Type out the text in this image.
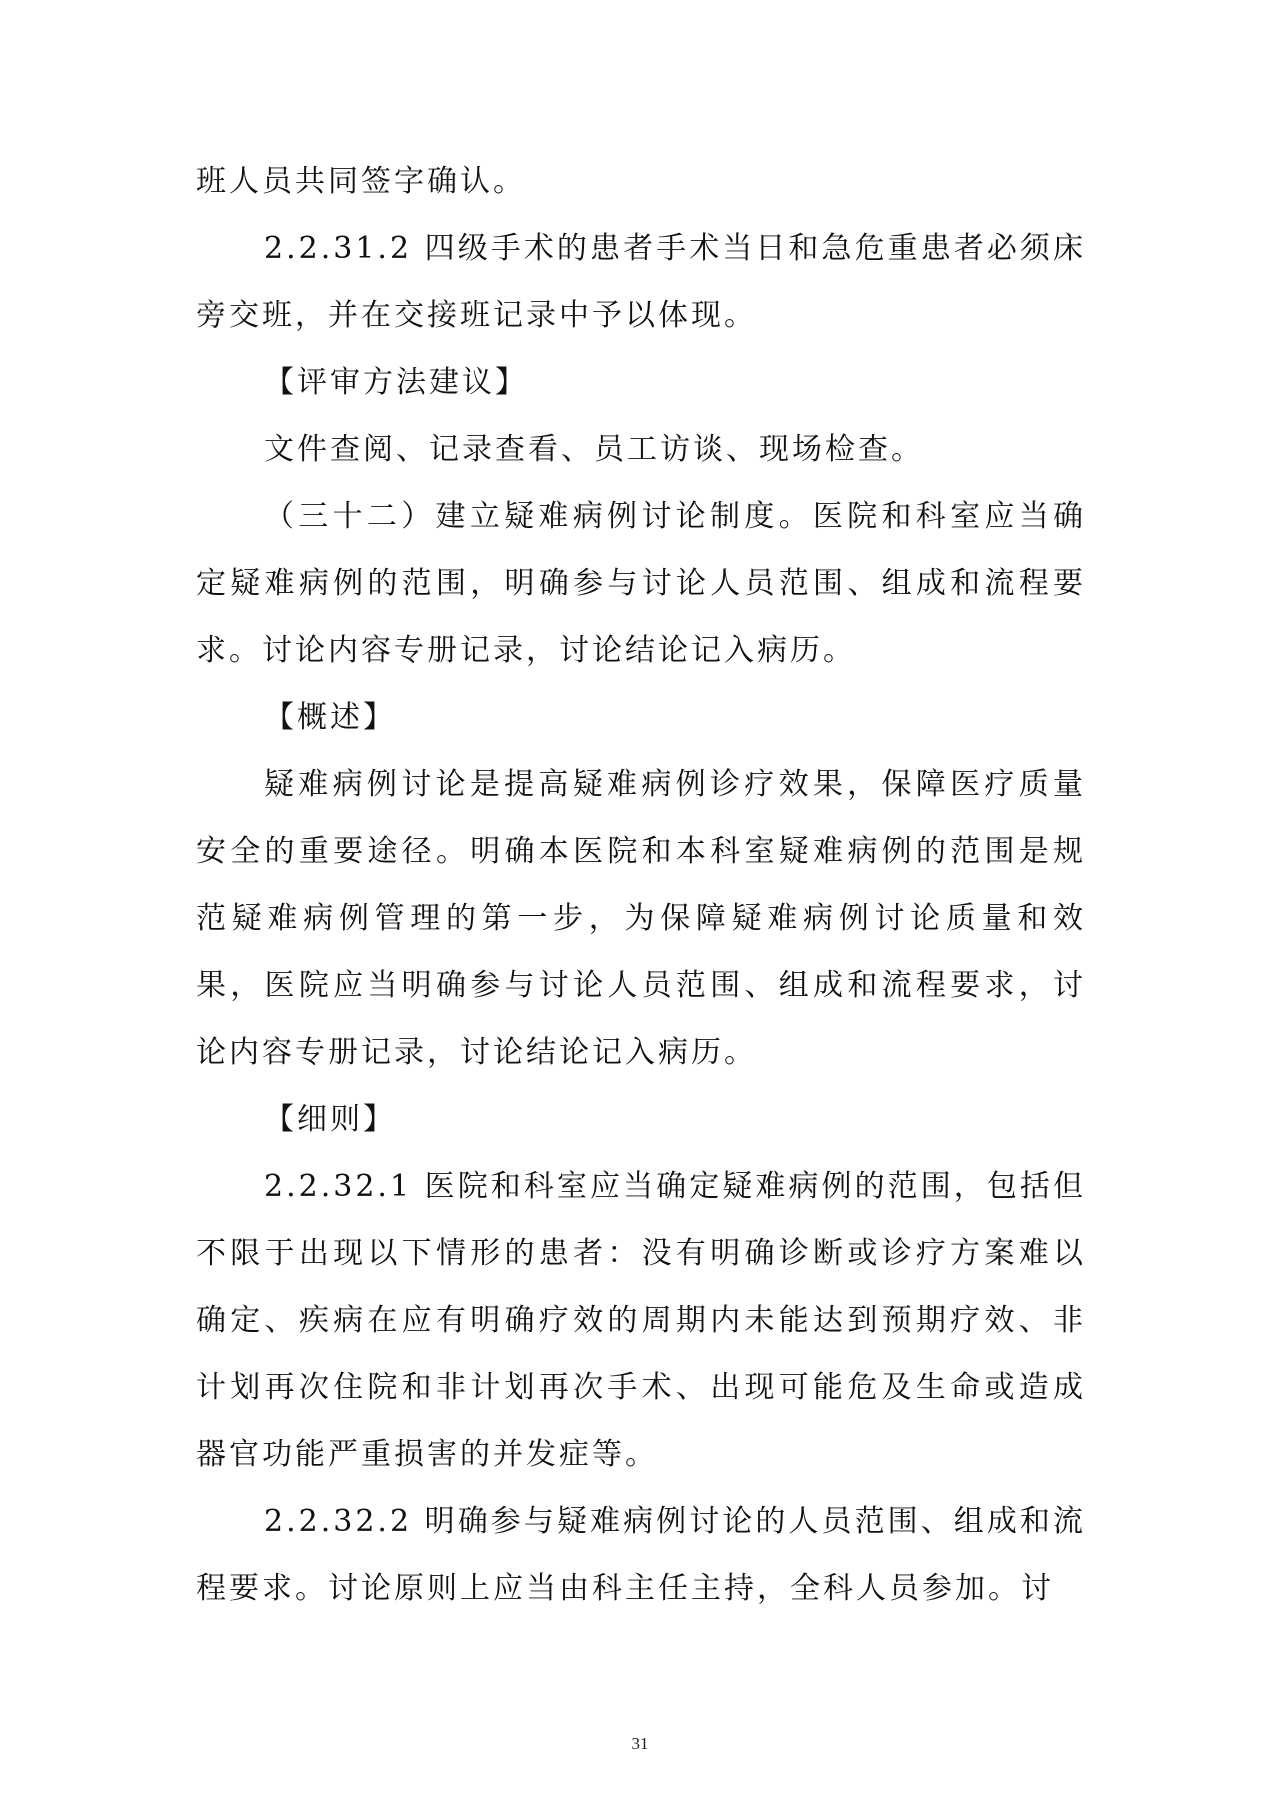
班人员共同签字确认。

2.2.31.2 四级手术的患者手术当日和急危重患者必须床旁交班，并在交接班记录中予以体现。

【评审方法建议】

文件查阅、记录查看、员工访谈、现场检查。

（三十二）建立疑难病例讨论制度。医院和科室应当确定疑难病例的范围，明确参与讨论人员范围、组成和流程要求。讨论内容专册记录，讨论结论记入病历。

【概述】

疑难病例讨论是提高疑难病例诊疗效果，保障医疗质量安全的重要途径。明确本医院和本科室疑难病例的范围是规范疑难病例管理的第一步，为保障疑难病例讨论质量和效果，医院应当明确参与讨论人员范围、组成和流程要求，讨论内容专册记录，讨论结论记入病历。

【细则】

2.2.32.1 医院和科室应当确定疑难病例的范围，包括但不限于出现以下情形的患者：没有明确诊断或诊疗方案难以确定、疾病在应有明确疗效的周期内未能达到预期疗效、非计划再次住院和非计划再次手术、出现可能危及生命或造成器官功能严重损害的并发症等。

2.2.32.2 明确参与疑难病例讨论的人员范围、组成和流程要求。讨论原则上应当由科主任主持，全科人员参加。讨

31
